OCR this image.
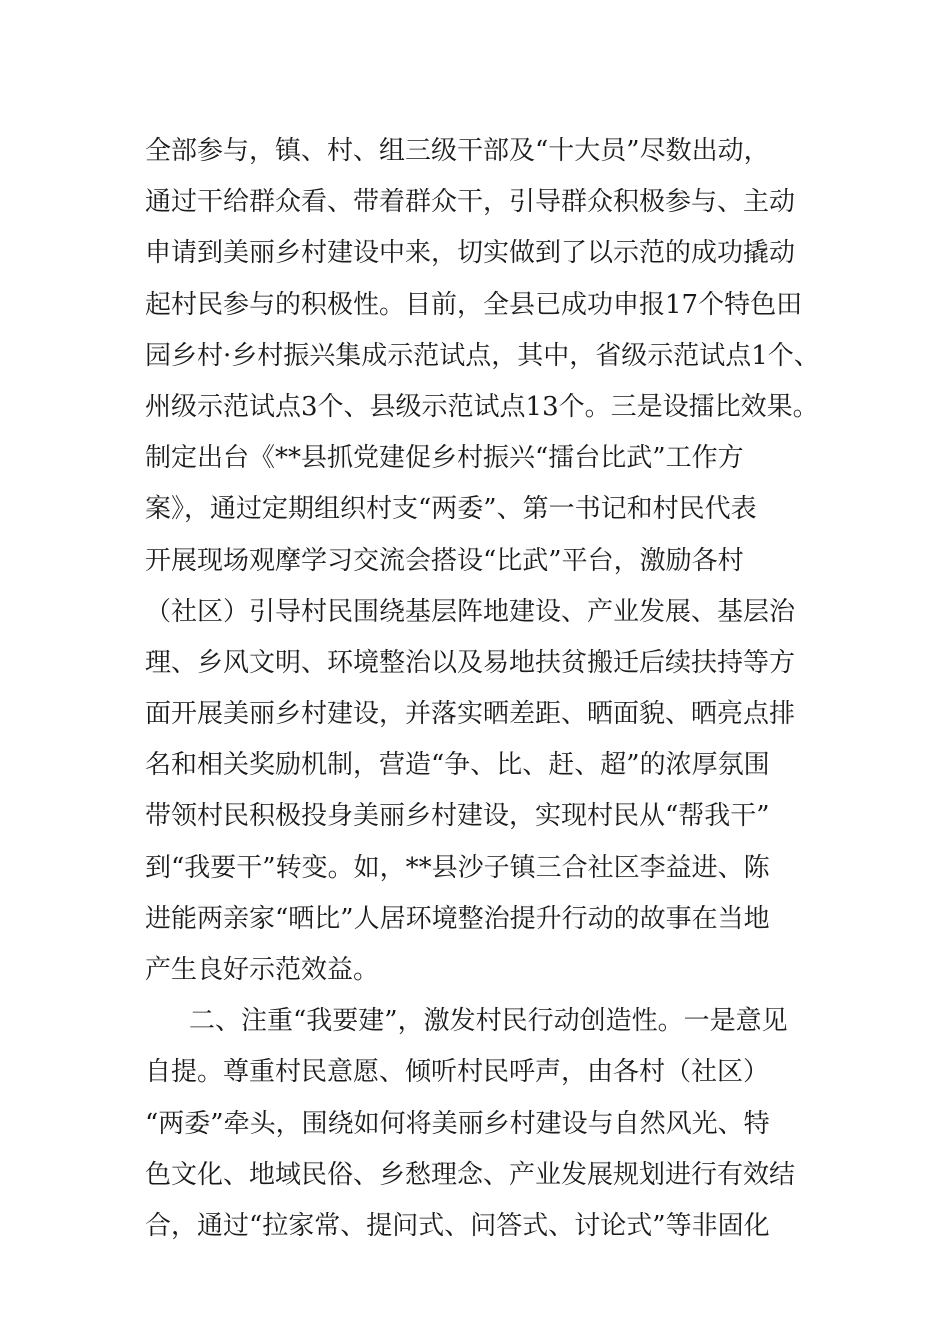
全部参与，镇、村、组三级干部及“十大员”尽数出动，
通过干给群众看、带着群众干，引导群众积极参与、主动
申请到美丽乡村建设中来，切实做到了以示范的成功撬动
起村民参与的积极性。目前，全县已成功申报17个特色田
园乡村·乡村振兴集成示范试点，其中，省级示范试点1个、
州级示范试点3个、县级示范试点13个。三是设擂比效果。
制定出台《**县抓党建促乡村振兴“擂台比武”工作方
案》，通过定期组织村支“两委”、第一书记和村民代表
开展现场观摩学习交流会搭设“比武”平台，激励各村
（社区）引导村民围绕基层阵地建设、产业发展、基层治
理、乡风文明、环境整治以及易地扶贫搬迁后续扶持等方
面开展美丽乡村建设，并落实晒差距、晒面貌、晒亮点排
名和相关奖励机制，营造“争、比、赶、超”的浓厚氛围
带领村民积极投身美丽乡村建设，实现村民从“帮我干”
到“我要干”转变。如，**县沙子镇三合社区李益进、陈
进能两亲家“晒比”人居环境整治提升行动的故事在当地
产生良好示范效益。
二、注重“我要建”，激发村民行动创造性。一是意见
自提。尊重村民意愿、倾听村民呼声，由各村（社区）
“两委”牵头，围绕如何将美丽乡村建设与自然风光、特
色文化、地域民俗、乡愁理念、产业发展规划进行有效结
合，通过“拉家常、提问式、问答式、讨论式”等非固化
